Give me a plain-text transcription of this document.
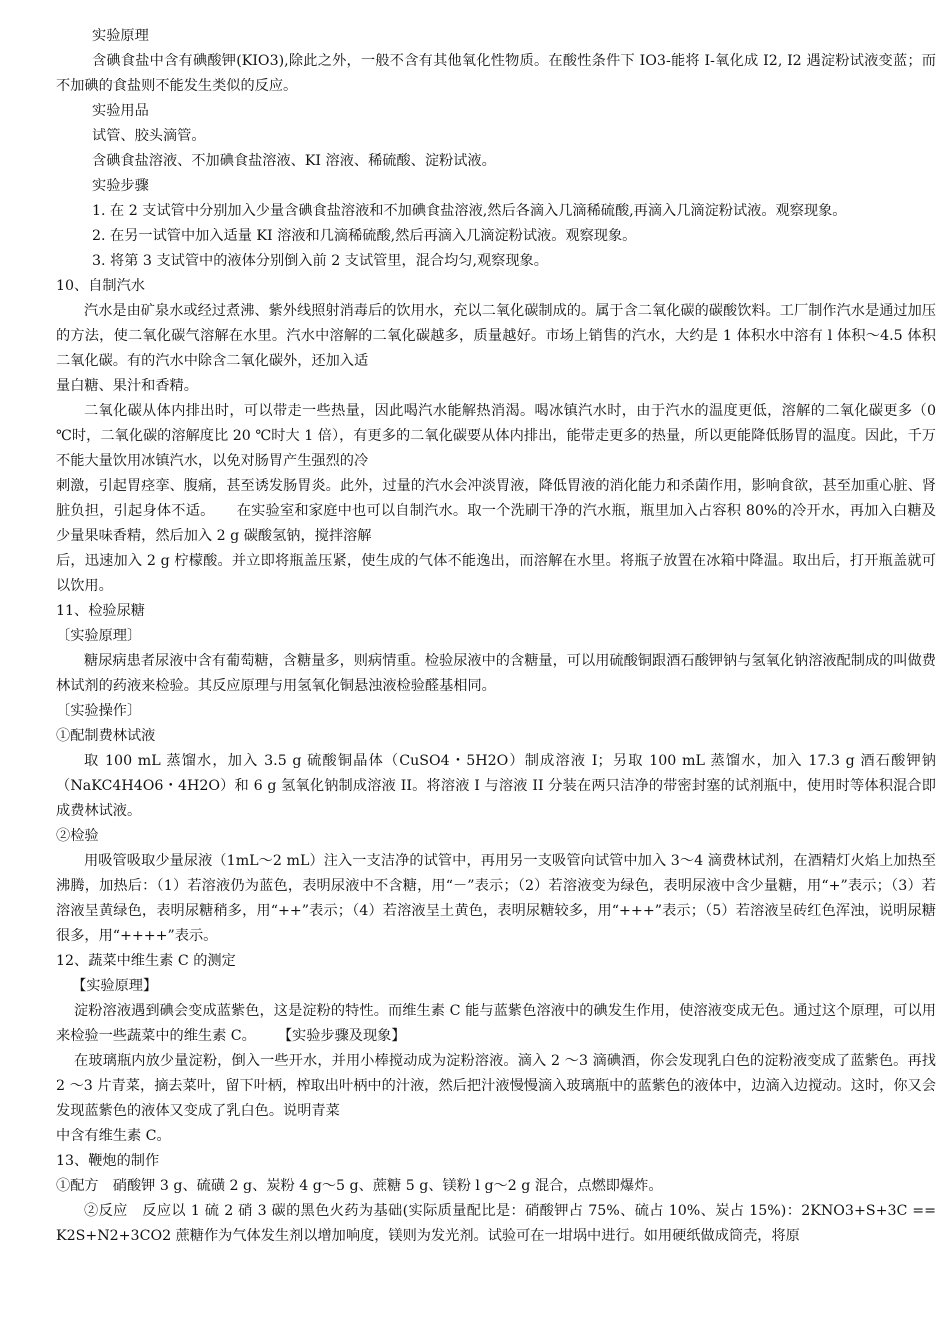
实验原理
含碘食盐中含有碘酸钾(KIO3),除此之外，一般不含有其他氧化性物质。在酸性条件下 IO3-能将 I-氧化成 I2, I2 遇淀粉试液变蓝；而不加碘的食盐则不能发生类似的反应。
实验用品
试管、胶头滴管。
含碘食盐溶液、不加碘食盐溶液、KI 溶液、稀硫酸、淀粉试液。
实验步骤
1. 在 2 支试管中分别加入少量含碘食盐溶液和不加碘食盐溶液,然后各滴入几滴稀硫酸,再滴入几滴淀粉试液。观察现象。
2. 在另一试管中加入适量 KI 溶液和几滴稀硫酸,然后再滴入几滴淀粉试液。观察现象。
3. 将第 3 支试管中的液体分别倒入前 2 支试管里，混合均匀,观察现象。
10、自制汽水
汽水是由矿泉水或经过煮沸、紫外线照射消毒后的饮用水，充以二氧化碳制成的。属于含二氧化碳的碳酸饮料。工厂制作汽水是通过加压的方法，使二氧化碳气溶解在水里。汽水中溶解的二氧化碳越多，质量越好。市场上销售的汽水，大约是 1 体积水中溶有 l 体积～4.5 体积二氧化碳。有的汽水中除含二氧化碳外，还加入适
量白糖、果汁和香精。
二氧化碳从体内排出时，可以带走一些热量，因此喝汽水能解热消渴。喝冰镇汽水时，由于汽水的温度更低，溶解的二氧化碳更多（0 ℃时，二氧化碳的溶解度比 20 ℃时大 1 倍），有更多的二氧化碳要从体内排出，能带走更多的热量，所以更能降低肠胃的温度。因此，千万不能大量饮用冰镇汽水，以免对肠胃产生强烈的冷
刺激，引起胃痉挛、腹痛，甚至诱发肠胃炎。此外，过量的汽水会冲淡胃液，降低胃液的消化能力和杀菌作用，影响食欲，甚至加重心脏、肾脏负担，引起身体不适。 在实验室和家庭中也可以自制汽水。取一个洗刷干净的汽水瓶，瓶里加入占容积 80%的冷开水，再加入白糖及少量果味香精，然后加入 2 g 碳酸氢钠，搅拌溶解
后，迅速加入 2 g 柠檬酸。并立即将瓶盖压紧，使生成的气体不能逸出，而溶解在水里。将瓶子放置在冰箱中降温。取出后，打开瓶盖就可以饮用。
11、检验尿糖
〔实验原理〕
糖尿病患者尿液中含有葡萄糖，含糖量多，则病情重。检验尿液中的含糖量，可以用硫酸铜跟酒石酸钾钠与氢氧化钠溶液配制成的叫做费林试剂的药液来检验。其反应原理与用氢氧化铜悬浊液检验醛基相同。
〔实验操作〕
①配制费林试液
取 100 mL 蒸馏水，加入 3.5 g 硫酸铜晶体（CuSO4・5H2O）制成溶液 I；另取 100 mL 蒸馏水，加入 17.3 g 酒石酸钾钠（NaKC4H4O6・4H2O）和 6 g 氢氧化钠制成溶液 II。将溶液 I 与溶液 II 分装在两只洁净的带密封塞的试剂瓶中，使用时等体积混合即成费林试液。
②检验
用吸管吸取少量尿液（1mL～2 mL）注入一支洁净的试管中，再用另一支吸管向试管中加入 3～4 滴费林试剂，在酒精灯火焰上加热至沸腾，加热后：（1）若溶液仍为蓝色，表明尿液中不含糖，用“－”表示；（2）若溶液变为绿色，表明尿液中含少量糖，用“+”表示；（3）若溶液呈黄绿色，表明尿糖稍多，用“++”表示；（4）若溶液呈土黄色，表明尿糖较多，用“+++”表示；（5）若溶液呈砖红色浑浊，说明尿糖很多，用“++++”表示。
12、蔬菜中维生素 C 的测定
【实验原理】
淀粉溶液遇到碘会变成蓝紫色，这是淀粉的特性。而维生素 C 能与蓝紫色溶液中的碘发生作用，使溶液变成无色。通过这个原理，可以用来检验一些蔬菜中的维生素 C。 【实验步骤及现象】
在玻璃瓶内放少量淀粉，倒入一些开水，并用小棒搅动成为淀粉溶液。滴入 2 ～3 滴碘酒，你会发现乳白色的淀粉液变成了蓝紫色。再找 2 ～3 片青菜，摘去菜叶，留下叶柄，榨取出叶柄中的汁液，然后把汁液慢慢滴入玻璃瓶中的蓝紫色的液体中，边滴入边搅动。这时，你又会发现蓝紫色的液体又变成了乳白色。说明青菜
中含有维生素 C。
13、鞭炮的制作
①配方　硝酸钾 3 g、硫磺 2 g、炭粉 4 g～5 g、蔗糖 5 g、镁粉 l g～2 g 混合，点燃即爆炸。
②反应　反应以 1 硫 2 硝 3 碳的黑色火药为基础(实际质量配比是：硝酸钾占 75%、硫占 10%、炭占 15%)：2KNO3+S+3C == K2S+N2+3CO2 蔗糖作为气体发生剂以增加响度，镁则为发光剂。试验可在一坩埚中进行。如用硬纸做成筒壳，将原
